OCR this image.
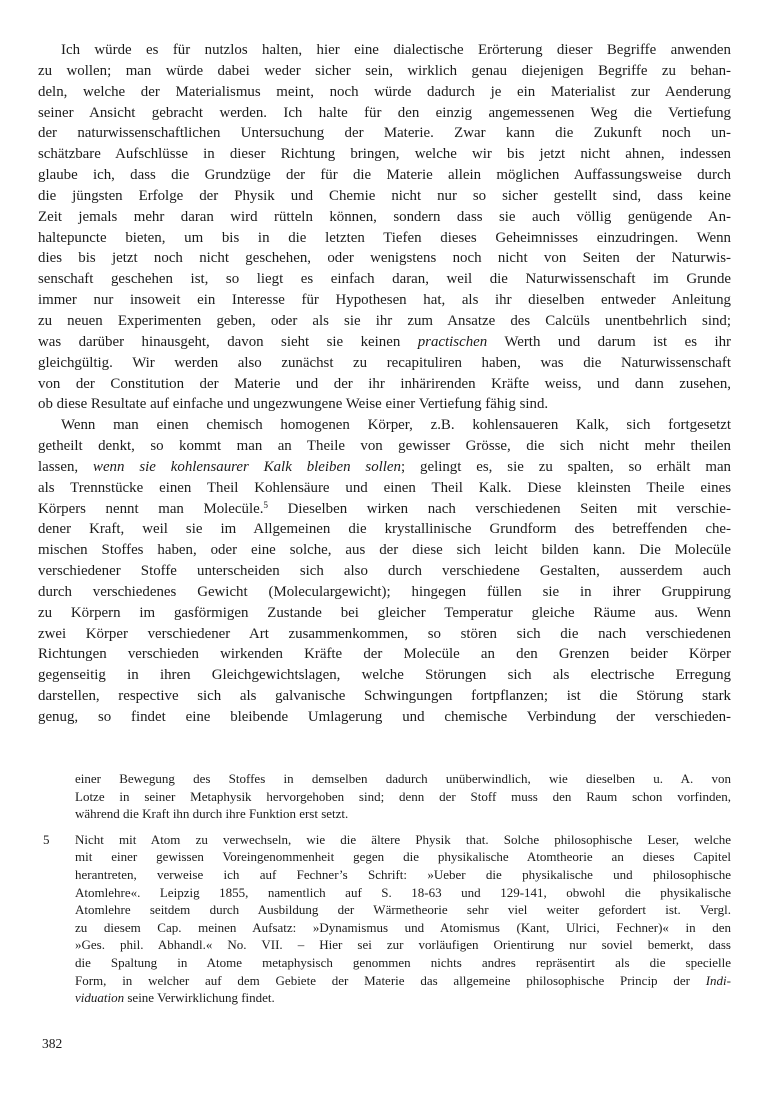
Ich würde es für nutzlos halten, hier eine dialectische Erörterung dieser Begriffe anwenden
zu wollen; man würde dabei weder sicher sein, wirklich genau diejenigen Begriffe zu behan-
deln, welche der Materialismus meint, noch würde dadurch je ein Materialist zur Aenderung
seiner Ansicht gebracht werden. Ich halte für den einzig angemessenen Weg die Vertiefung
der naturwissenschaftlichen Untersuchung der Materie. Zwar kann die Zukunft noch un-
schätzbare Aufschlüsse in dieser Richtung bringen, welche wir bis jetzt nicht ahnen, indessen
glaube ich, dass die Grundzüge der für die Materie allein möglichen Auffassungsweise durch
die jüngsten Erfolge der Physik und Chemie nicht nur so sicher gestellt sind, dass keine
Zeit jemals mehr daran wird rütteln können, sondern dass sie auch völlig genügende An-
haltepuncte bieten, um bis in die letzten Tiefen dieses Geheimnisses einzudringen. Wenn
dies bis jetzt noch nicht geschehen, oder wenigstens noch nicht von Seiten der Naturwis-
senschaft geschehen ist, so liegt es einfach daran, weil die Naturwissenschaft im Grunde
immer nur insoweit ein Interesse für Hypothesen hat, als ihr dieselben entweder Anleitung
zu neuen Experimenten geben, oder als sie ihr zum Ansatze des Calcüls unentbehrlich sind;
was darüber hinausgeht, davon sieht sie keinen practischen Werth und darum ist es ihr
gleichgültig. Wir werden also zunächst zu recapituliren haben, was die Naturwissenschaft
von der Constitution der Materie und der ihr inhärirenden Kräfte weiss, und dann zusehen,
ob diese Resultate auf einfache und ungezwungene Weise einer Vertiefung fähig sind.
Wenn man einen chemisch homogenen Körper, z.B. kohlensaueren Kalk, sich fortgesetzt
getheilt denkt, so kommt man an Theile von gewisser Grösse, die sich nicht mehr theilen
lassen, wenn sie kohlensaurer Kalk bleiben sollen; gelingt es, sie zu spalten, so erhält man
als Trennstücke einen Theil Kohlensäure und einen Theil Kalk. Diese kleinsten Theile eines
Körpers nennt man Molecüle.$^5$ Dieselben wirken nach verschiedenen Seiten mit verschie-
dener Kraft, weil sie im Allgemeinen die krystallinische Grundform des betreffenden che-
mischen Stoffes haben, oder eine solche, aus der diese sich leicht bilden kann. Die Molecüle
verschiedener Stoffe unterscheiden sich also durch verschiedene Gestalten, ausserdem auch
durch verschiedenes Gewicht (Moleculargewicht); hingegen füllen sie in ihrer Gruppirung
zu Körpern im gasförmigen Zustande bei gleicher Temperatur gleiche Räume aus. Wenn
zwei Körper verschiedener Art zusammenkommen, so stören sich die nach verschiedenen
Richtungen verschieden wirkenden Kräfte der Molecüle an den Grenzen beider Körper
gegenseitig in ihren Gleichgewichtslagen, welche Störungen sich als electrische Erregung
darstellen, respective sich als galvanische Schwingungen fortpflanzen; ist die Störung stark
genug, so findet eine bleibende Umlagerung und chemische Verbindung der verschieden-
einer Bewegung des Stoffes in demselben dadurch unüberwindlich, wie dieselben u. A. von
Lotze in seiner Metaphysik hervorgehoben sind; denn der Stoff muss den Raum schon vorfinden,
während die Kraft ihn durch ihre Funktion erst setzt.
5 Nicht mit Atom zu verwechseln, wie die ältere Physik that. Solche philosophische Leser, welche
mit einer gewissen Voreingenommenheit gegen die physikalische Atomtheorie an dieses Capitel
herantreten, verweise ich auf Fechner’s Schrift: »Ueber die physikalische und philosophische
Atomlehre«. Leipzig 1855, namentlich auf S. 18-63 und 129-141, obwohl die physikalische
Atomlehre seitdem durch Ausbildung der Wärmetheorie sehr viel weiter gefordert ist. Vergl.
zu diesem Cap. meinen Aufsatz: »Dynamismus und Atomismus (Kant, Ulrici, Fechner)« in den
»Ges. phil. Abhandl.« No. VII. – Hier sei zur vorläufigen Orientirung nur soviel bemerkt, dass
die Spaltung in Atome metaphysisch genommen nichts andres repräsentirt als die specielle
Form, in welcher auf dem Gebiete der Materie das allgemeine philosophische Princip der Indi-
viduation seine Verwirklichung findet.
382
